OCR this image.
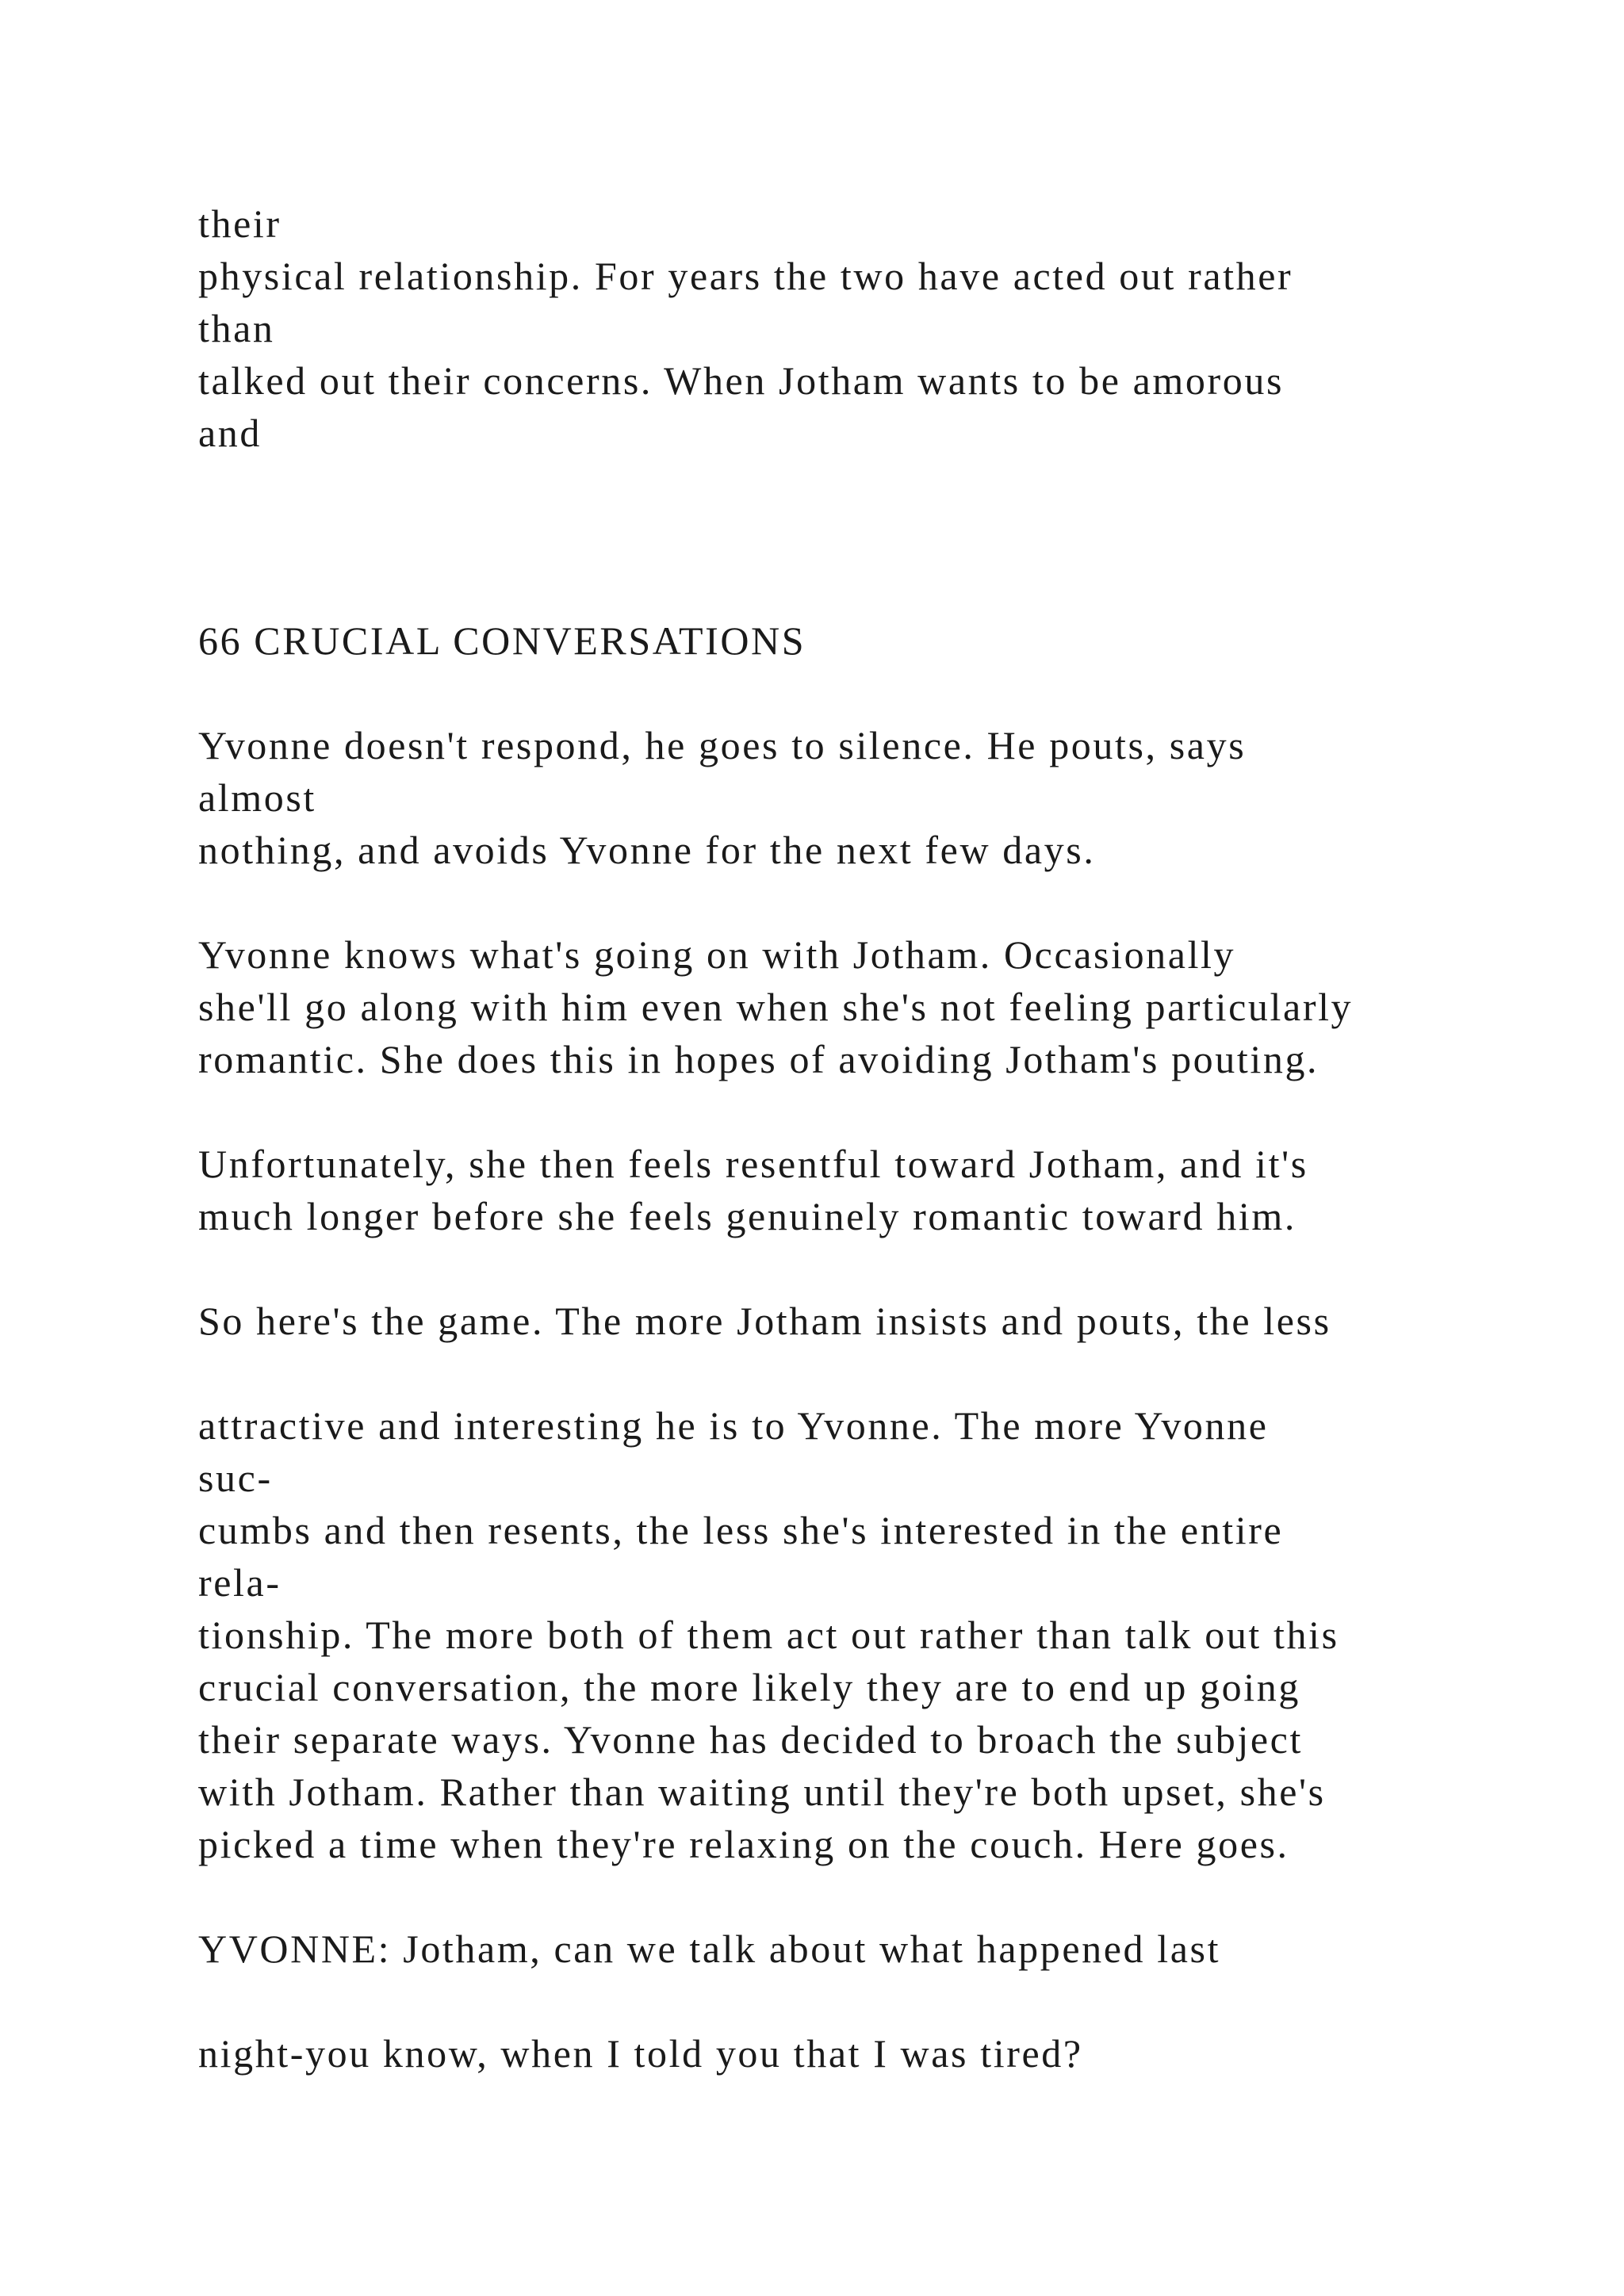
their

physical relationship. For years the two have acted out rather

than

talked out their concerns. When Jotham wants to be amorous

and

66 CRUCIAL CONVERSATIONS

Yvonne doesn't respond, he goes to silence. He pouts, says

almost

nothing, and avoids Yvonne for the next few days.

Yvonne knows what's going on with Jotham. Occasionally

she'll go along with him even when she's not feeling particularly

romantic. She does this in hopes of avoiding Jotham's pouting.

Unfortunately, she then feels resentful toward Jotham, and it's

much longer before she feels genuinely romantic toward him.

So here's the game. The more Jotham insists and pouts, the less

attractive and interesting he is to Yvonne. The more Yvonne

suc-

cumbs and then resents, the less she's interested in the entire

rela-

tionship. The more both of them act out rather than talk out this

crucial conversation, the more likely they are to end up going

their separate ways. Yvonne has decided to broach the subject

with Jotham. Rather than waiting until they're both upset, she's

picked a time when they're relaxing on the couch. Here goes.

YVONNE: Jotham, can we talk about what happened last

night-you know, when I told you that I was tired?
